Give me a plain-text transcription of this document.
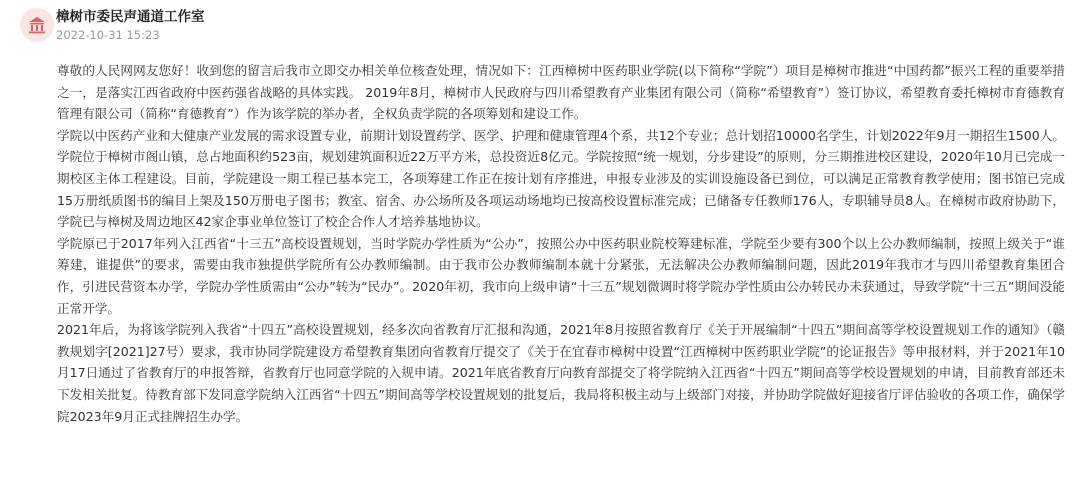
樟树市委民声通道工作室
2022-10-31 15:23

尊敬的人民网网友您好！收到您的留言后我市立即交办相关单位核查处理，情况如下：江西樟树中医药职业学院(以下简称“学院”）项目是樟树市推进“中国药都”振兴工程的重要举措之一，是落实江西省政府中医药强省战略的具体实践。 2019年8月，樟树市人民政府与四川希望教育产业集团有限公司（简称“希望教育”）签订协议，希望教育委托樟树市育德教育管理有限公司（简称“育德教育”）作为该学院的举办者，全权负责学院的各项筹划和建设工作。

学院以中医药产业和大健康产业发展的需求设置专业，前期计划设置药学、医学、护理和健康管理4个系，共12个专业；总计划招10000名学生，计划2022年9月一期招生1500人。学院位于樟树市阁山镇，总占地面积约523亩，规划建筑面积近22万平方米，总投资近8亿元。学院按照“统一规划，分步建设”的原则，分三期推进校区建设，2020年10月已完成一期校区主体工程建设。目前，学院建设一期工程已基本完工，各项筹建工作正在按计划有序推进，申报专业涉及的实训设施设备已到位，可以满足正常教育教学使用；图书馆已完成15万册纸质图书的编目上架及150万册电子图书；教室、宿舍、办公场所及各项运动场地均已按高校设置标准完成；已储备专任教师176人，专职辅导员8人。在樟树市政府协助下，学院已与樟树及周边地区42家企事业单位签订了校企合作人才培养基地协议。

学院原已于2017年列入江西省“十三五”高校设置规划，当时学院办学性质为“公办”，按照公办中医药职业院校筹建标准，学院至少要有300个以上公办教师编制，按照上级关于“谁筹建，谁提供”的要求，需要由我市独提供学院所有公办教师编制。由于我市公办教师编制本就十分紧张，无法解决公办教师编制问题，因此2019年我市才与四川希望教育集团合作，引进民营资本办学，学院办学性质需由“公办”转为“民办”。2020年初，我市向上级申请“十三五”规划微调时将学院办学性质由公办转民办未获通过，导致学院“十三五”期间没能正常开学。

2021年后，为将该学院列入我省“十四五”高校设置规划，经多次向省教育厅汇报和沟通，2021年8月按照省教育厅《关于开展编制“十四五”期间高等学校设置规划工作的通知》（赣教规划字[2021]27号）要求，我市协同学院建设方希望教育集团向省教育厅提交了《关于在宜春市樟树中设置“江西樟树中医药职业学院”的论证报告》等申报材料，并于2021年10月17日通过了省教育厅的申报答辩，省教育厅也同意学院的入规申请。2021年底省教育厅向教育部提交了将学院纳入江西省“十四五”期间高等学校设置规划的申请，目前教育部还未下发相关批复。待教育部下发同意学院纳入江西省“十四五”期间高等学校设置规划的批复后，我局将积极主动与上级部门对接，并协助学院做好迎接省厅评估验收的各项工作，确保学院2023年9月正式挂牌招生办学。
